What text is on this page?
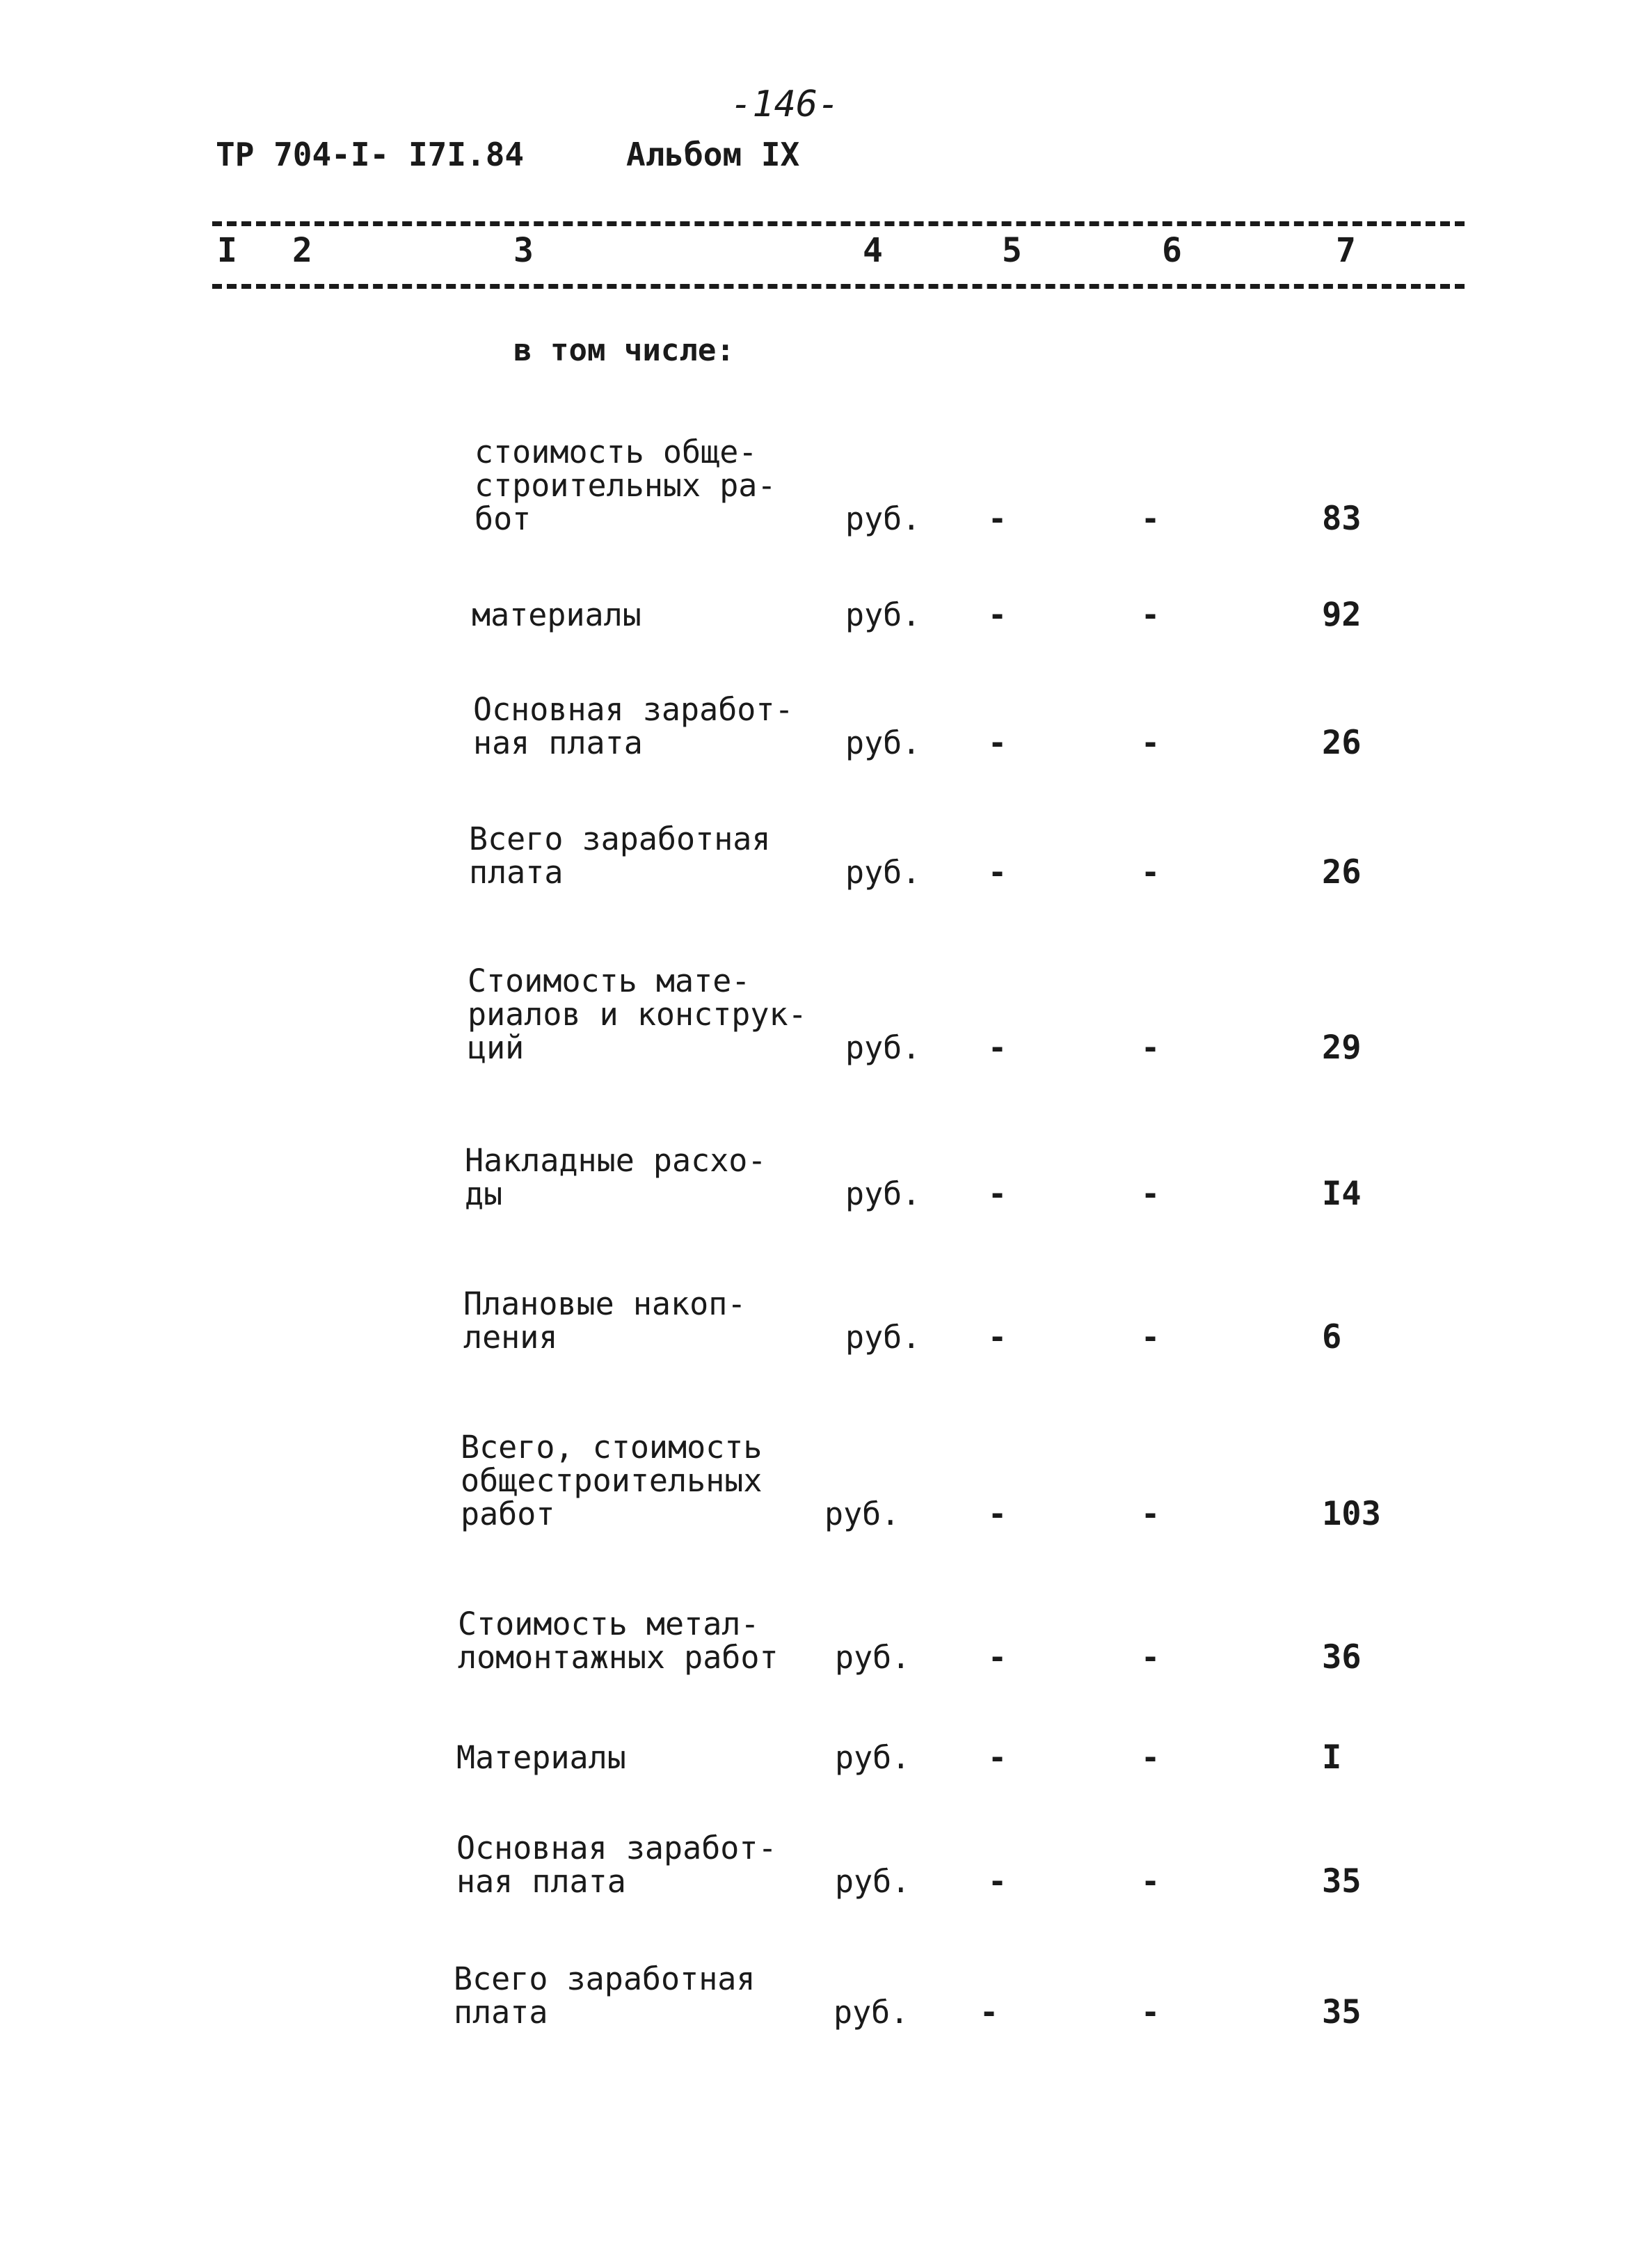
-146-
ТР 704-I- I7I.84	Альбом IX
I 2	3	4	5	6	7
в том числе:
стоимость обще-
строительных ра-
бот	руб. -	-	83
материалы	руб. -	-	92
Основная заработ-
ная плата	руб. -	-	26
Всего заработная
плата	руб. -	-	26
Стоимость мате-
риалов и конструк-
ций	руб. -	-	29
Накладные расхо-
ды	руб. -	-	I4
Плановые накоп-
ления	руб. -	-	6
Всего, стоимость
общестроительных
работ	руб.	-	-	103
Стоимость метал-
ломонтажных работ руб. -	-	36
Материалы	руб. -	-	I
Основная заработ-
ная плата	руб. -	-	35
Всего заработная
плата	руб. -	-	35
